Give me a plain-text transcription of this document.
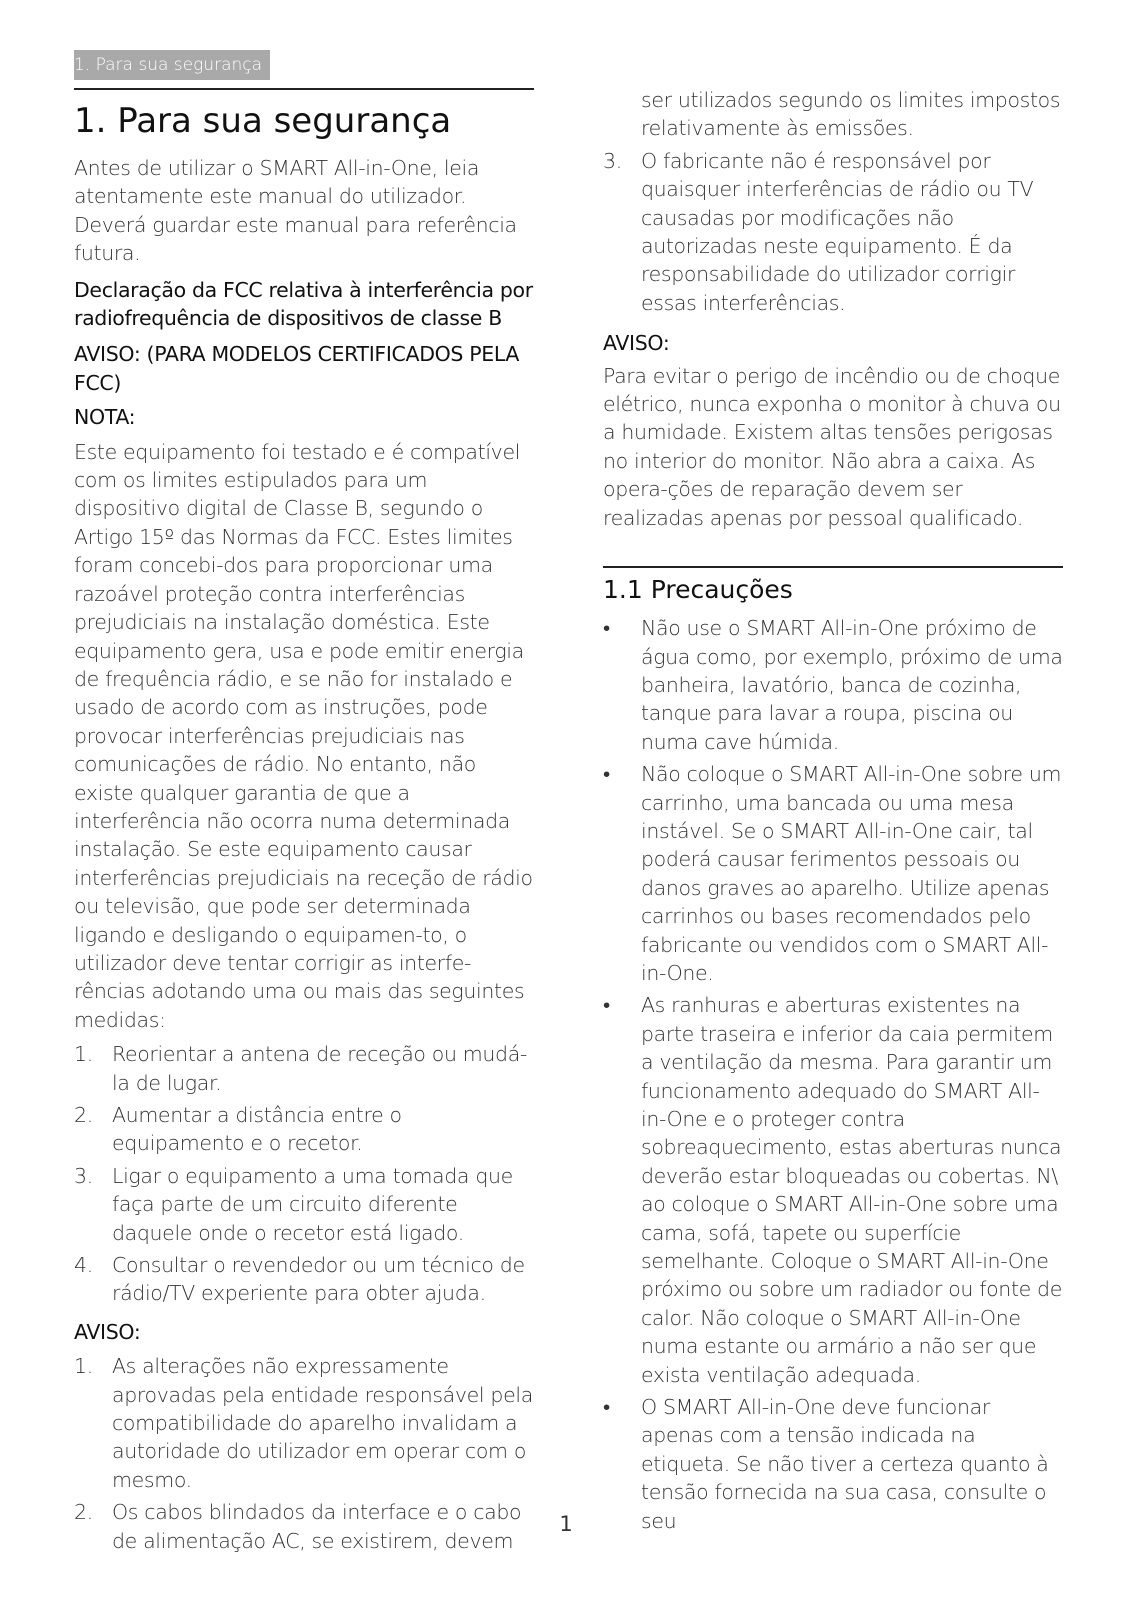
1. Para sua segurança
1. Para sua segurança

Antes de utilizar o SMART All-in-One, leia atentamente este manual do utilizador. Deverá guardar este manual para referência futura.

Declaração da FCC relativa à interferência por radiofrequência de dispositivos de classe B

AVISO: (PARA MODELOS CERTIFICADOS PELA FCC)

NOTA:

Este equipamento foi testado e é compatível com os limites estipulados para um dispositivo digital de Classe B, segundo o Artigo 15º das Normas da FCC. Estes limites foram concebi-dos para proporcionar uma razoável proteção contra interferências prejudiciais na instalação doméstica. Este equipamento gera, usa e pode emitir energia de frequência rádio, e se não for instalado e usado de acordo com as instruções, pode provocar interferências prejudiciais nas comunicações de rádio. No entanto, não existe qualquer garantia de que a interferência não ocorra numa determinada instalação. Se este equipamento causar interferências prejudiciais na receção de rádio ou televisão, que pode ser determinada ligando e desligando o equipamen-to, o utilizador deve tentar corrigir as interfe-rências adotando uma ou mais das seguintes medidas:

1. Reorientar a antena de receção ou mudá-la de lugar.
2. Aumentar a distância entre o equipamento e o recetor.
3. Ligar o equipamento a uma tomada que faça parte de um circuito diferente daquele onde o recetor está ligado.
4. Consultar o revendedor ou um técnico de rádio/TV experiente para obter ajuda.

AVISO:

1. As alterações não expressamente aprovadas pela entidade responsável pela compatibilidade do aparelho invalidam a autoridade do utilizador em operar com o mesmo.
2. Os cabos blindados da interface e o cabo de alimentação AC, se existirem, devem

ser utilizados segundo os limites impostos relativamente às emissões.

3. O fabricante não é responsável por quaisquer interferências de rádio ou TV causadas por modificações não autorizadas neste equipamento. É da responsabilidade do utilizador corrigir essas interferências.

AVISO:

Para evitar o perigo de incêndio ou de choque elétrico, nunca exponha o monitor à chuva ou a humidade. Existem altas tensões perigosas no interior do monitor. Não abra a caixa. As opera-ções de reparação devem ser realizadas apenas por pessoal qualificado.

1.1 Precauções
• Não use o SMART All-in-One próximo de água como, por exemplo, próximo de uma banheira, lavatório, banca de cozinha, tanque para lavar a roupa, piscina ou numa cave húmida.
• Não coloque o SMART All-in-One sobre um carrinho, uma bancada ou uma mesa instável. Se o SMART All-in-One cair, tal poderá causar ferimentos pessoais ou danos graves ao aparelho. Utilize apenas carrinhos ou bases recomendados pelo fabricante ou vendidos com o SMART All-in-One.
• As ranhuras e aberturas existentes na parte traseira e inferior da caia permitem a ventilação da mesma. Para garantir um funcionamento adequado do SMART All-in-One e o proteger contra sobreaquecimento, estas aberturas nunca deverão estar bloqueadas ou cobertas. N\ ao coloque o SMART All-in-One sobre uma cama, sofá, tapete ou superfície semelhante. Coloque o SMART All-in-One próximo ou sobre um radiador ou fonte de calor. Não coloque o SMART All-in-One numa estante ou armário a não ser que exista ventilação adequada.
• O SMART All-in-One deve funcionar apenas com a tensão indicada na etiqueta. Se não tiver a certeza quanto à tensão fornecida na sua casa, consulte o seu
1
